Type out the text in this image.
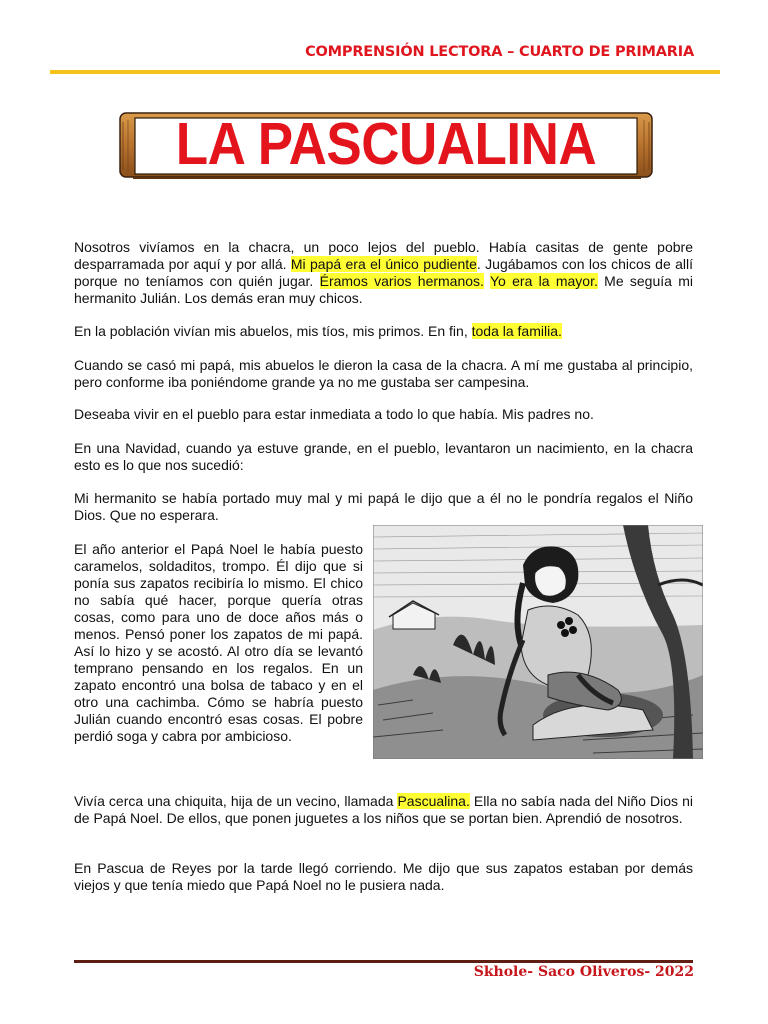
COMPRENSIÓN LECTORA – CUARTO DE PRIMARIA
LA PASCUALINA

Nosotros vivíamos en la chacra, un poco lejos del pueblo. Había casitas de gente pobre desparramada por aquí y por allá. Mi papá era el único pudiente. Jugábamos con los chicos de allí porque no teníamos con quién jugar. Éramos varios hermanos. Yo era la mayor. Me seguía mi hermanito Julián. Los demás eran muy chicos.

En la población vivían mis abuelos, mis tíos, mis primos. En fin, toda la familia.

Cuando se casó mi papá, mis abuelos le dieron la casa de la chacra. A mí me gustaba al principio, pero conforme iba poniéndome grande ya no me gustaba ser campesina.

Deseaba vivir en el pueblo para estar inmediata a todo lo que había. Mis padres no.

En una Navidad, cuando ya estuve grande, en el pueblo, levantaron un nacimiento, en la chacra esto es lo que nos sucedió:

Mi hermanito se había portado muy mal y mi papá le dijo que a él no le pondría regalos el Niño Dios. Que no esperara.

El año anterior el Papá Noel le había puesto caramelos, soldaditos, trompo. Él dijo que si ponía sus zapatos recibiría lo mismo. El chico no sabía qué hacer, porque quería otras cosas, como para uno de doce años más o menos. Pensó poner los zapatos de mi papá. Así lo hizo y se acostó. Al otro día se levantó temprano pensando en los regalos. En un zapato encontró una bolsa de tabaco y en el otro una cachimba. Cómo se habría puesto Julián cuando encontró esas cosas. El pobre perdió soga y cabra por ambicioso.

Vivía cerca una chiquita, hija de un vecino, llamada Pascualina. Ella no sabía nada del Niño Dios ni de Papá Noel. De ellos, que ponen juguetes a los niños que se portan bien. Aprendió de nosotros.

En Pascua de Reyes por la tarde llegó corriendo. Me dijo que sus zapatos estaban por demás viejos y que tenía miedo que Papá Noel no le pusiera nada.

Skhole- Saco Oliveros- 2022
